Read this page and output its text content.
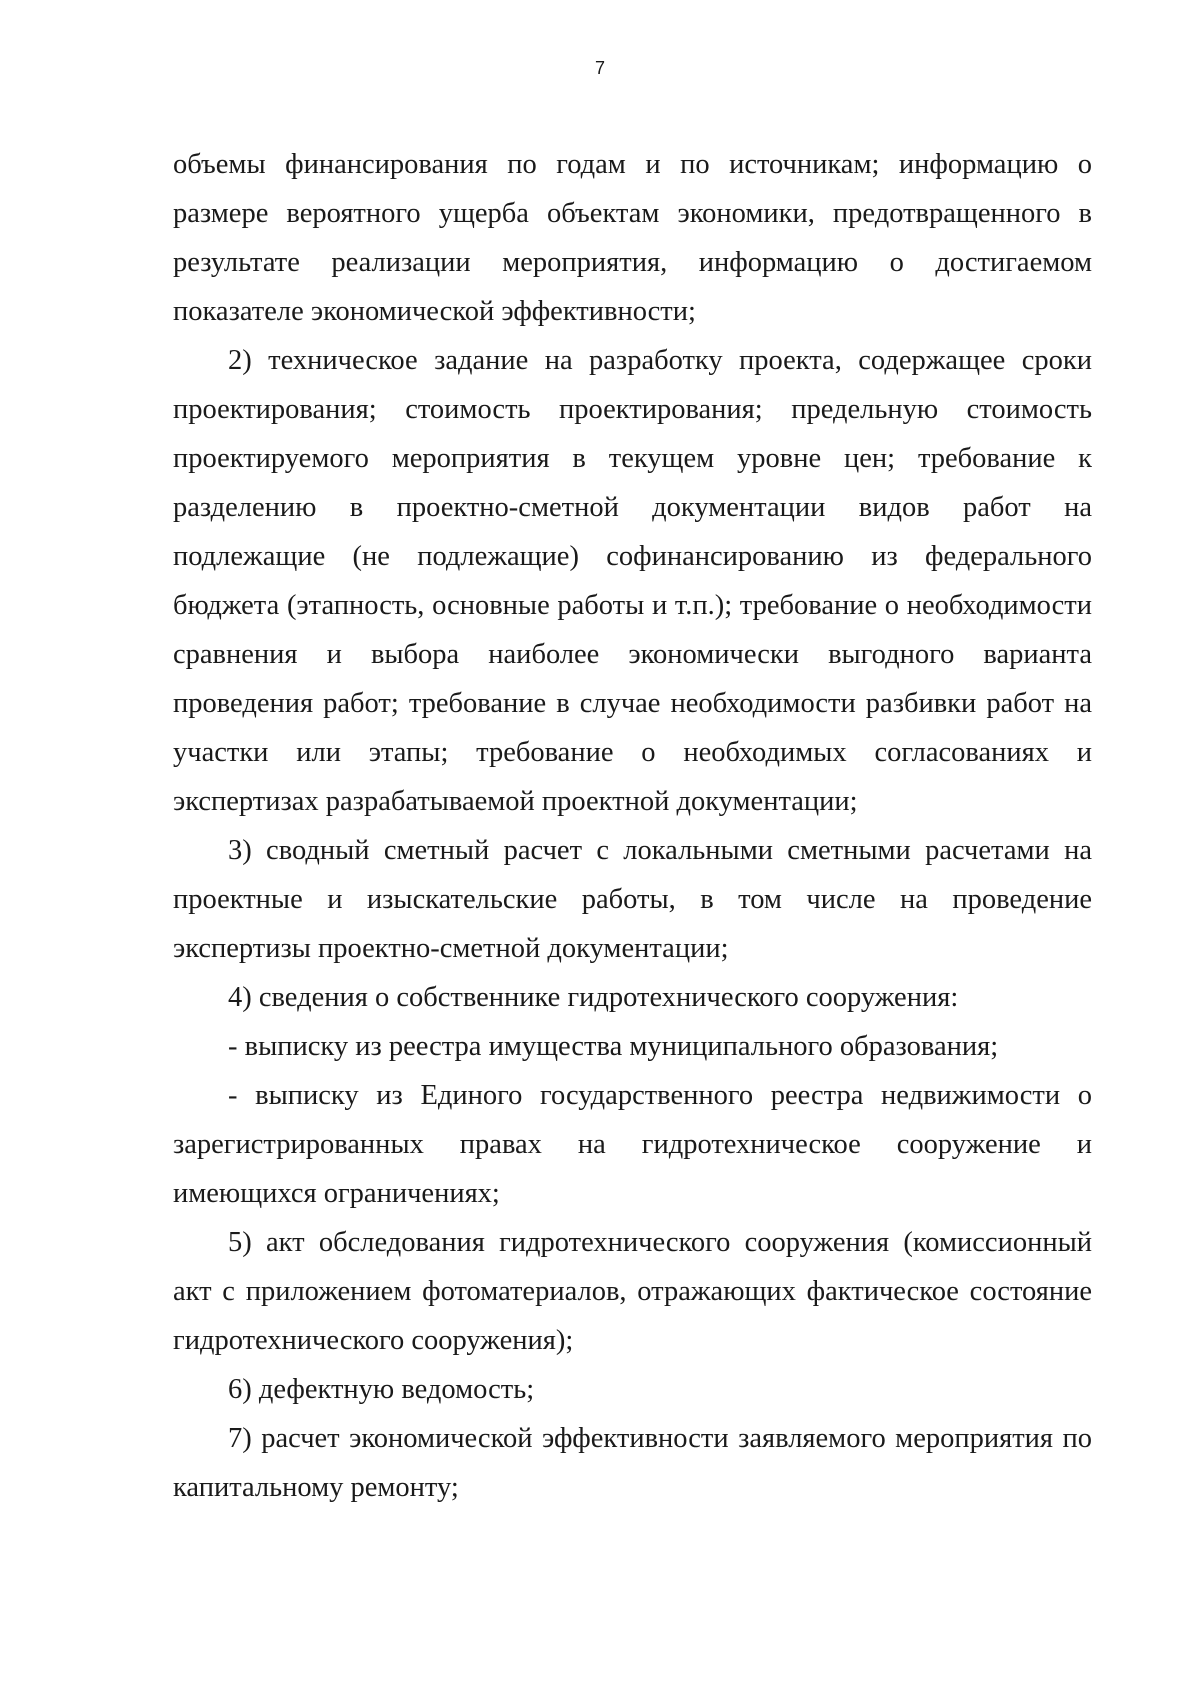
7

объемы финансирования по годам и по источникам; информацию о размере вероятного ущерба объектам экономики, предотвращенного в результате реализации мероприятия, информацию о достигаемом показателе экономической эффективности;

2) техническое задание на разработку проекта, содержащее сроки проектирования; стоимость проектирования; предельную стоимость проектируемого мероприятия в текущем уровне цен; требование к разделению в проектно-сметной документации видов работ на подлежащие (не подлежащие) софинансированию из федерального бюджета (этапность, основные работы и т.п.); требование о необходимости сравнения и выбора наиболее экономически выгодного варианта проведения работ; требование в случае необходимости разбивки работ на участки или этапы; требование о необходимых согласованиях и экспертизах разрабатываемой проектной документации;

3) сводный сметный расчет с локальными сметными расчетами на проектные и изыскательские работы, в том числе на проведение экспертизы проектно-сметной документации;

4) сведения о собственнике гидротехнического сооружения:

- выписку из реестра имущества муниципального образования;

- выписку из Единого государственного реестра недвижимости о зарегистрированных правах на гидротехническое сооружение и имеющихся ограничениях;

5) акт обследования гидротехнического сооружения (комиссионный акт с приложением фотоматериалов, отражающих фактическое состояние гидротехнического сооружения);

6) дефектную ведомость;

7) расчет экономической эффективности заявляемого мероприятия по капитальному ремонту;
